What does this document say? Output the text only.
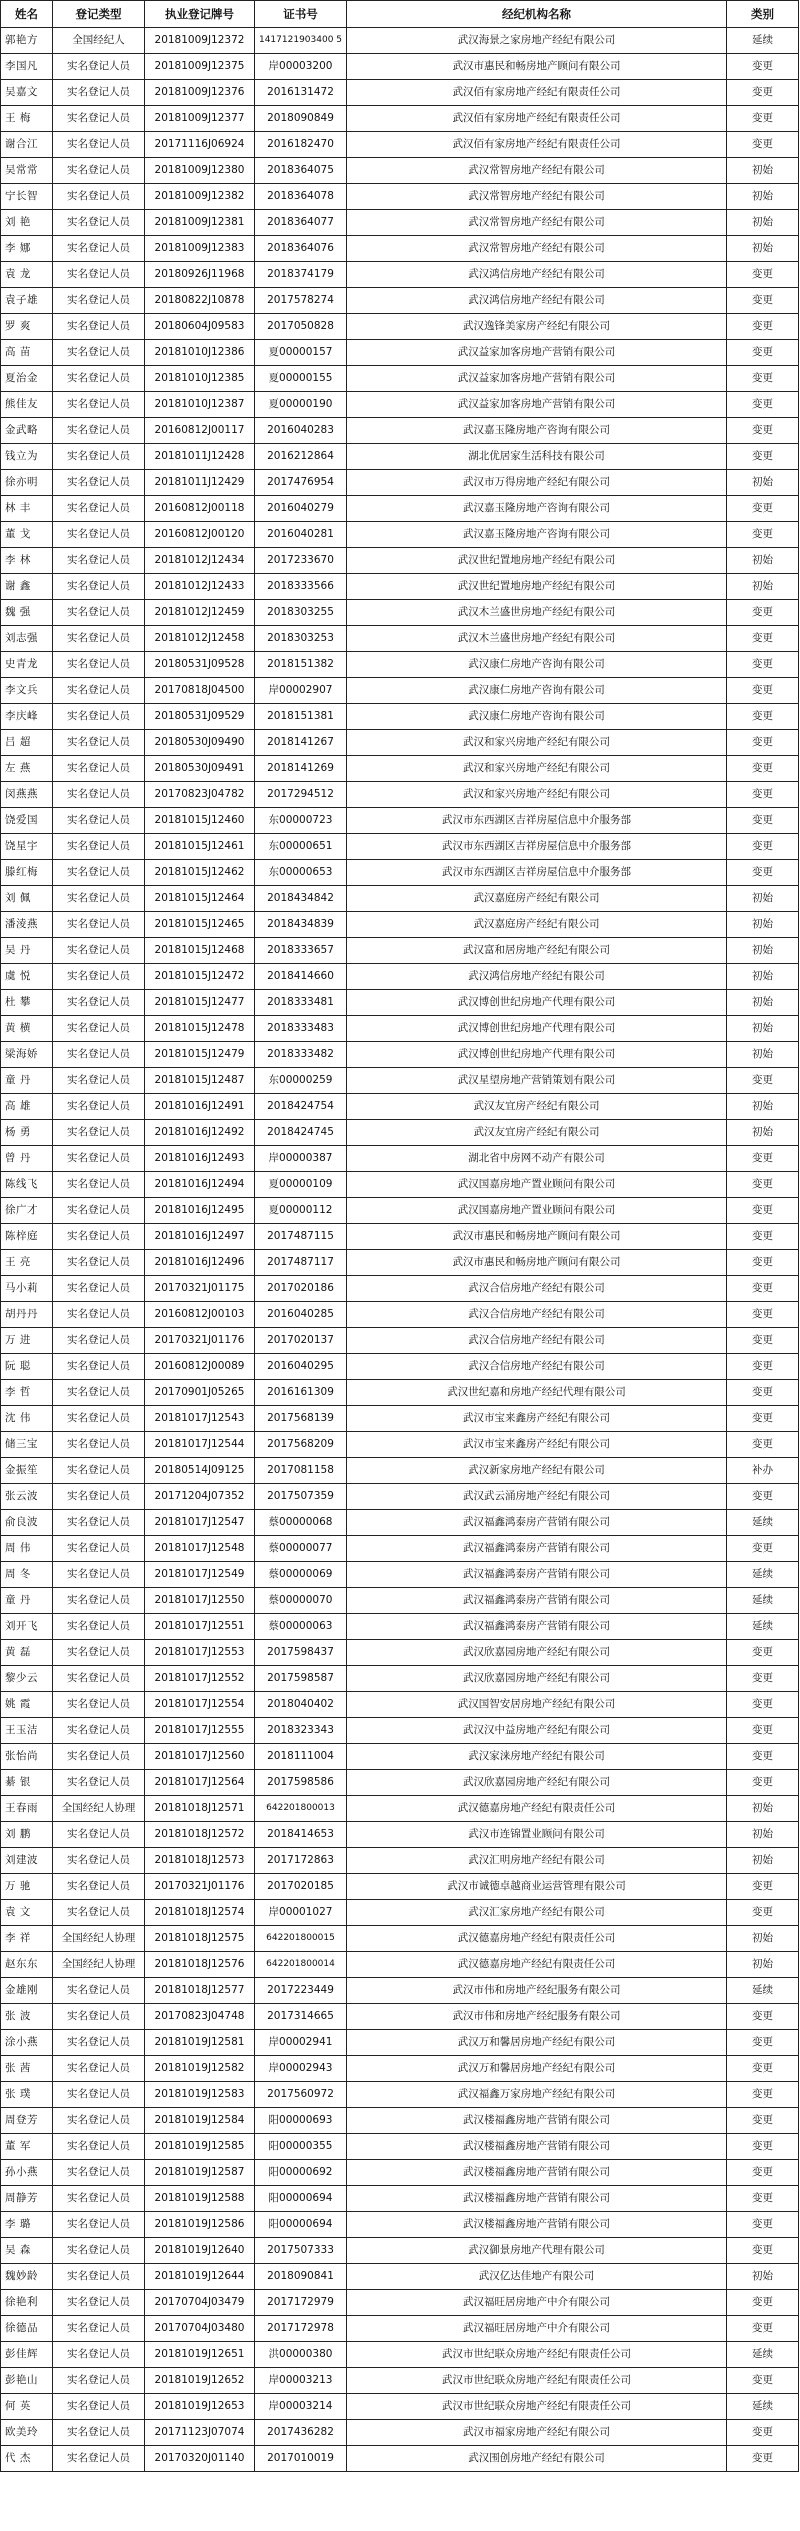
姓名	登记类型	执业登记牌号	证书号	经纪机构名称	类别
郭艳方	全国经纪人	20181009J12372	1417121903400 5	武汉海景之家房地产经纪有限公司	延续
李国凡	实名登记人员	20181009J12375	岸00003200	武汉市惠民和畅房地产顾问有限公司	变更
吴嘉文	实名登记人员	20181009J12376	2016131472	武汉佰有家房地产经纪有限责任公司	变更
王 梅	实名登记人员	20181009J12377	2018090849	武汉佰有家房地产经纪有限责任公司	变更
谢合江	实名登记人员	20171116J06924	2016182470	武汉佰有家房地产经纪有限责任公司	变更
吴常常	实名登记人员	20181009J12380	2018364075	武汉常智房地产经纪有限公司	初始
宁长智	实名登记人员	20181009J12382	2018364078	武汉常智房地产经纪有限公司	初始
刘 艳	实名登记人员	20181009J12381	2018364077	武汉常智房地产经纪有限公司	初始
李 娜	实名登记人员	20181009J12383	2018364076	武汉常智房地产经纪有限公司	初始
袁 龙	实名登记人员	20180926J11968	2018374179	武汉鸿信房地产经纪有限公司	变更
袁子雄	实名登记人员	20180822J10878	2017578274	武汉鸿信房地产经纪有限公司	变更
罗 爽	实名登记人员	20180604J09583	2017050828	武汉逸锋美家房产经纪有限公司	变更
高 苗	实名登记人员	20181010J12386	夏00000157	武汉益家加客房地产营销有限公司	变更
夏治金	实名登记人员	20181010J12385	夏00000155	武汉益家加客房地产营销有限公司	变更
熊佳友	实名登记人员	20181010J12387	夏00000190	武汉益家加客房地产营销有限公司	变更
金武略	实名登记人员	20160812J00117	2016040283	武汉嘉玉隆房地产咨询有限公司	变更
钱立为	实名登记人员	20181011J12428	2016212864	湖北优居家生活科技有限公司	变更
徐亦明	实名登记人员	20181011J12429	2017476954	武汉市万得房地产经纪有限公司	初始
林 丰	实名登记人员	20160812J00118	2016040279	武汉嘉玉隆房地产咨询有限公司	变更
董 戈	实名登记人员	20160812J00120	2016040281	武汉嘉玉隆房地产咨询有限公司	变更
李 林	实名登记人员	20181012J12434	2017233670	武汉世纪置地房地产经纪有限公司	初始
谢 鑫	实名登记人员	20181012J12433	2018333566	武汉世纪置地房地产经纪有限公司	初始
魏 强	实名登记人员	20181012J12459	2018303255	武汉木兰盛世房地产经纪有限公司	变更
刘志强	实名登记人员	20181012J12458	2018303253	武汉木兰盛世房地产经纪有限公司	变更
史青龙	实名登记人员	20180531J09528	2018151382	武汉康仁房地产咨询有限公司	变更
李文兵	实名登记人员	20170818J04500	岸00002907	武汉康仁房地产咨询有限公司	变更
李庆峰	实名登记人员	20180531J09529	2018151381	武汉康仁房地产咨询有限公司	变更
吕 超	实名登记人员	20180530J09490	2018141267	武汉和家兴房地产经纪有限公司	变更
左 燕	实名登记人员	20180530J09491	2018141269	武汉和家兴房地产经纪有限公司	变更
闵燕燕	实名登记人员	20170823J04782	2017294512	武汉和家兴房地产经纪有限公司	变更
饶爱国	实名登记人员	20181015J12460	东00000723	武汉市东西湖区吉祥房屋信息中介服务部	变更
饶星宇	实名登记人员	20181015J12461	东00000651	武汉市东西湖区吉祥房屋信息中介服务部	变更
滕红梅	实名登记人员	20181015J12462	东00000653	武汉市东西湖区吉祥房屋信息中介服务部	变更
刘 佩	实名登记人员	20181015J12464	2018434842	武汉嘉庭房产经纪有限公司	初始
潘淩燕	实名登记人员	20181015J12465	2018434839	武汉嘉庭房产经纪有限公司	初始
吴 丹	实名登记人员	20181015J12468	2018333657	武汉富和居房地产经纪有限公司	初始
虞 悦	实名登记人员	20181015J12472	2018414660	武汉鸿信房地产经纪有限公司	初始
杜 攀	实名登记人员	20181015J12477	2018333481	武汉博创世纪房地产代理有限公司	初始
黄 横	实名登记人员	20181015J12478	2018333483	武汉博创世纪房地产代理有限公司	初始
梁海娇	实名登记人员	20181015J12479	2018333482	武汉博创世纪房地产代理有限公司	初始
童 丹	实名登记人员	20181015J12487	东00000259	武汉星望房地产营销策划有限公司	变更
高 雄	实名登记人员	20181016J12491	2018424754	武汉友宜房产经纪有限公司	初始
杨 勇	实名登记人员	20181016J12492	2018424745	武汉友宜房产经纪有限公司	初始
曾 丹	实名登记人员	20181016J12493	岸00000387	湖北省中房网不动产有限公司	变更
陈线飞	实名登记人员	20181016J12494	夏00000109	武汉国嘉房地产置业顾问有限公司	变更
徐广才	实名登记人员	20181016J12495	夏00000112	武汉国嘉房地产置业顾问有限公司	变更
陈梓庭	实名登记人员	20181016J12497	2017487115	武汉市惠民和畅房地产顾问有限公司	变更
王 亮	实名登记人员	20181016J12496	2017487117	武汉市惠民和畅房地产顾问有限公司	变更
马小莉	实名登记人员	20170321J01175	2017020186	武汉合信房地产经纪有限公司	变更
胡丹丹	实名登记人员	20160812J00103	2016040285	武汉合信房地产经纪有限公司	变更
万 进	实名登记人员	20170321J01176	2017020137	武汉合信房地产经纪有限公司	变更
阮 聪	实名登记人员	20160812J00089	2016040295	武汉合信房地产经纪有限公司	变更
李 哲	实名登记人员	20170901J05265	2016161309	武汉世纪嘉和房地产经纪代理有限公司	变更
沈 伟	实名登记人员	20181017J12543	2017568139	武汉市宝来鑫房产经纪有限公司	变更
储三宝	实名登记人员	20181017J12544	2017568209	武汉市宝来鑫房产经纪有限公司	变更
金振笙	实名登记人员	20180514J09125	2017081158	武汉新家房地产经纪有限公司	补办
张云波	实名登记人员	20171204J07352	2017507359	武汉武云涌房地产经纪有限公司	变更
俞良波	实名登记人员	20181017J12547	蔡00000068	武汉福鑫鸿泰房产营销有限公司	延续
周 伟	实名登记人员	20181017J12548	蔡00000077	武汉福鑫鸿泰房产营销有限公司	变更
周 冬	实名登记人员	20181017J12549	蔡00000069	武汉福鑫鸿泰房产营销有限公司	延续
童 丹	实名登记人员	20181017J12550	蔡00000070	武汉福鑫鸿泰房产营销有限公司	延续
刘开飞	实名登记人员	20181017J12551	蔡00000063	武汉福鑫鸿泰房产营销有限公司	延续
黄 磊	实名登记人员	20181017J12553	2017598437	武汉欣嘉园房地产经纪有限公司	变更
黎少云	实名登记人员	20181017J12552	2017598587	武汉欣嘉园房地产经纪有限公司	变更
姚 霞	实名登记人员	20181017J12554	2018040402	武汉国智安居房地产经纪有限公司	变更
王玉洁	实名登记人员	20181017J12555	2018323343	武汉汉中益房地产经纪有限公司	变更
张怡尚	实名登记人员	20181017J12560	2018111004	武汉家涞房地产经纪有限公司	变更
綦 银	实名登记人员	20181017J12564	2017598586	武汉欣嘉园房地产经纪有限公司	变更
王春雨	全国经纪人协理	20181018J12571	642201800013	武汉德嘉房地产经纪有限责任公司	初始
刘 鹏	实名登记人员	20181018J12572	2018414653	武汉市连锦置业顾问有限公司	初始
刘建波	实名登记人员	20181018J12573	2017172863	武汉汇明房地产经纪有限公司	初始
万 驰	实名登记人员	20170321J01176	2017020185	武汉市诚德卓越商业运营管理有限公司	变更
袁 文	实名登记人员	20181018J12574	岸00001027	武汉汇家房地产经纪有限公司	变更
李 祥	全国经纪人协理	20181018J12575	642201800015	武汉德嘉房地产经纪有限责任公司	初始
赵东东	全国经纪人协理	20181018J12576	642201800014	武汉德嘉房地产经纪有限责任公司	初始
金雄刚	实名登记人员	20181018J12577	2017223449	武汉市伟和房地产经纪服务有限公司	延续
张 波	实名登记人员	20170823J04748	2017314665	武汉市伟和房地产经纪服务有限公司	变更
涂小燕	实名登记人员	20181019J12581	岸00002941	武汉万和馨居房地产经纪有限公司	变更
张 茜	实名登记人员	20181019J12582	岸00002943	武汉万和馨居房地产经纪有限公司	变更
张 璞	实名登记人员	20181019J12583	2017560972	武汉福鑫万家房地产经纪有限公司	变更
周登芳	实名登记人员	20181019J12584	阳00000693	武汉楼福鑫房地产营销有限公司	变更
董 军	实名登记人员	20181019J12585	阳00000355	武汉楼福鑫房地产营销有限公司	变更
孙小燕	实名登记人员	20181019J12587	阳00000692	武汉楼福鑫房地产营销有限公司	变更
周静芳	实名登记人员	20181019J12588	阳00000694	武汉楼福鑫房地产营销有限公司	变更
李 璐	实名登记人员	20181019J12586	阳00000694	武汉楼福鑫房地产营销有限公司	变更
吴 森	实名登记人员	20181019J12640	2017507333	武汉御景房地产代理有限公司	变更
魏妙龄	实名登记人员	20181019J12644	2018090841	武汉亿达佳地产有限公司	初始
徐艳利	实名登记人员	20170704J03479	2017172979	武汉福旺居房地产中介有限公司	变更
徐德品	实名登记人员	20170704J03480	2017172978	武汉福旺居房地产中介有限公司	变更
彭佳辉	实名登记人员	20181019J12651	洪00000380	武汉市世纪联众房地产经纪有限责任公司	延续
彭艳山	实名登记人员	20181019J12652	岸00003213	武汉市世纪联众房地产经纪有限责任公司	变更
何 英	实名登记人员	20181019J12653	岸00003214	武汉市世纪联众房地产经纪有限责任公司	延续
欧美玲	实名登记人员	20171123J07074	2017436282	武汉市福家房地产经纪有限公司	变更
代 杰	实名登记人员	20170320J01140	2017010019	武汉围创房地产经纪有限公司	变更
